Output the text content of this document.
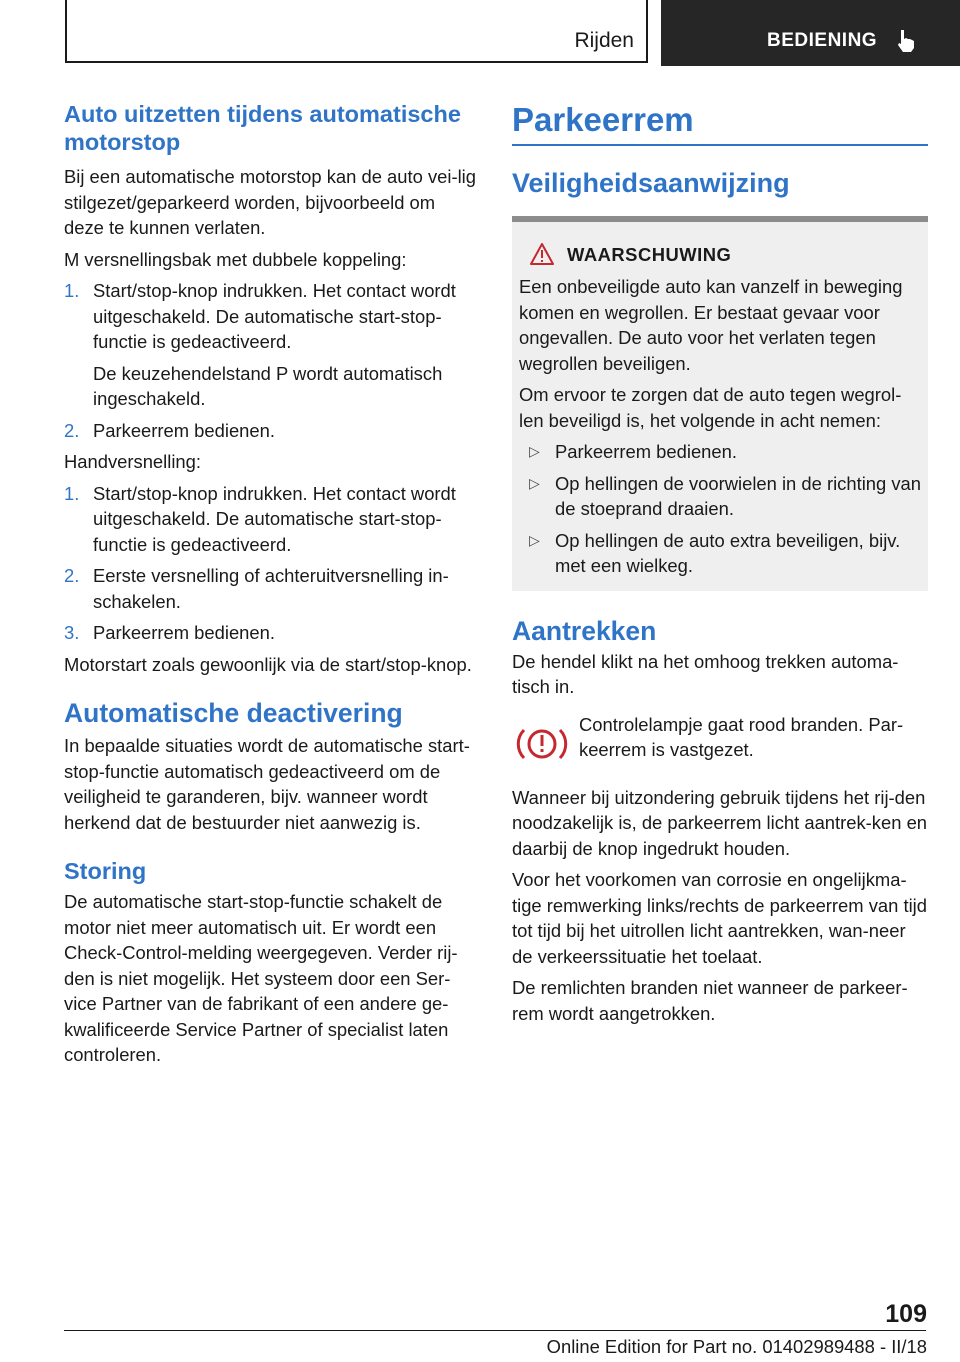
Rijden	BEDIENING
Auto uitzetten tijdens automatische motorstop

Bij een automatische motorstop kan de auto vei-lig stilgezet/geparkeerd worden, bijvoorbeeld om deze te kunnen verlaten.

M versnellingsbak met dubbele koppeling:

1. Start/stop-knop indrukken. Het contact wordt uitgeschakeld. De automatische start-stop-functie is gedeactiveerd.
De keuzehendelstand P wordt automatisch ingeschakeld.
2. Parkeerrem bedienen.

Handversnelling:

1. Start/stop-knop indrukken. Het contact wordt uitgeschakeld. De automatische start-stop-functie is gedeactiveerd.
2. Eerste versnelling of achteruitversnelling in-schakelen.
3. Parkeerrem bedienen.

Motorstart zoals gewoonlijk via de start/stop-knop.

Automatische deactivering

In bepaalde situaties wordt de automatische start-stop-functie automatisch gedeactiveerd om de veiligheid te garanderen, bijv. wanneer wordt herkend dat de bestuurder niet aanwezig is.

Storing

De automatische start-stop-functie schakelt de motor niet meer automatisch uit. Er wordt een Check-Control-melding weergegeven. Verder rij-den is niet mogelijk. Het systeem door een Ser-vice Partner van de fabrikant of een andere ge-kwalificeerde Service Partner of specialist laten controleren.

Parkeerrem
Veiligheidsaanwijzing
WAARSCHUWING

Een onbeveiligde auto kan vanzelf in beweging komen en wegrollen. Er bestaat gevaar voor ongevallen. De auto voor het verlaten tegen wegrollen beveiligen.

Om ervoor te zorgen dat de auto tegen wegrol-len beveiligd is, het volgende in acht nemen:

▷ Parkeerrem bedienen.
▷ Op hellingen de voorwielen in de richting van de stoeprand draaien.
▷ Op hellingen de auto extra beveiligen, bijv. met een wielkeg.
Aantrekken

De hendel klikt na het omhoog trekken automa-tisch in.

Controlelampje gaat rood branden. Par-keerrem is vastgezet.

Wanneer bij uitzondering gebruik tijdens het rij-den noodzakelijk is, de parkeerrem licht aantrek-ken en daarbij de knop ingedrukt houden.

Voor het voorkomen van corrosie en ongelijkma-tige remwerking links/rechts de parkeerrem van tijd tot tijd bij het uitrollen licht aantrekken, wan-neer de verkeerssituatie het toelaat.

De remlichten branden niet wanneer de parkeer-rem wordt aangetrokken.

109
Online Edition for Part no. 01402989488 - II/18
